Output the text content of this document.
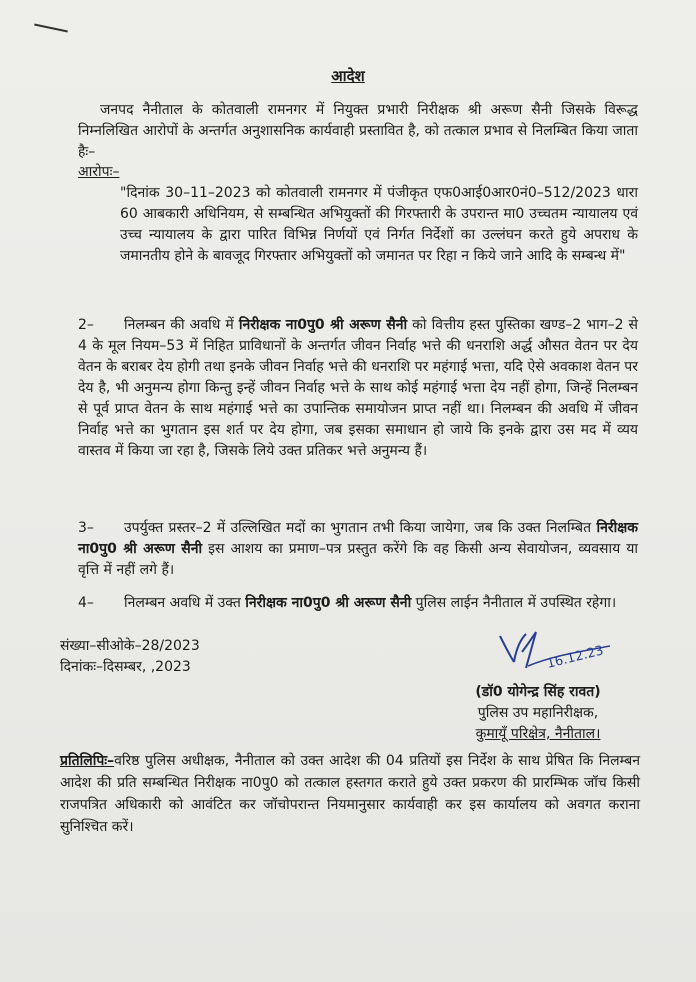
आदेश

जनपद नैनीताल के कोतवाली रामनगर में नियुक्त प्रभारी निरीक्षक श्री अरूण सैनी जिसके विरूद्ध निम्नलिखित आरोपों के अन्तर्गत अनुशासनिक कार्यवाही प्रस्तावित है, को तत्काल प्रभाव से निलम्बित किया जाता हैः–

आरोपः–

"दिनांक 30–11–2023 को कोतवाली रामनगर में पंजीकृत एफ0आई0आर0नं0–512/2023 धारा 60 आबकारी अधिनियम, से सम्बन्धित अभियुक्तों की गिरफ्तारी के उपरान्त मा0 उच्चतम न्यायालय एवं उच्च न्यायालय के द्वारा पारित विभिन्न निर्णयों एवं निर्गत निर्देशों का उल्लंघन करते हुये अपराध के जमानतीय होने के बावजूद गिरफ्तार अभियुक्तों को जमानत पर रिहा न किये जाने आदि के सम्बन्ध में"

2– निलम्बन की अवधि में निरीक्षक ना0पु0 श्री अरूण सैनी को वित्तीय हस्त पुस्तिका खण्ड–2 भाग–2 से 4 के मूल नियम–53 में निहित प्राविधानों के अन्तर्गत जीवन निर्वाह भत्ते की धनराशि अर्द्ध औसत वेतन पर देय वेतन के बराबर देय होगी तथा इनके जीवन निर्वाह भत्ते की धनराशि पर महंगाई भत्ता, यदि ऐसे अवकाश वेतन पर देय है, भी अनुमन्य होगा किन्तु इन्हें जीवन निर्वाह भत्ते के साथ कोई महंगाई भत्ता देय नहीं होगा, जिन्हें निलम्बन से पूर्व प्राप्त वेतन के साथ महंगाई भत्ते का उपान्तिक समायोजन प्राप्त नहीं था। निलम्बन की अवधि में जीवन निर्वाह भत्ते का भुगतान इस शर्त पर देय होगा, जब इसका समाधान हो जाये कि इनके द्वारा उस मद में व्यय वास्तव में किया जा रहा है, जिसके लिये उक्त प्रतिकर भत्ते अनुमन्य हैं।

3– उपर्युक्त प्रस्तर–2 में उल्लिखित मदों का भुगतान तभी किया जायेगा, जब कि उक्त निलम्बित निरीक्षक ना0पु0 श्री अरूण सैनी इस आशय का प्रमाण–पत्र प्रस्तुत करेंगे कि वह किसी अन्य सेवायोजन, व्यवसाय या वृत्ति में नहीं लगे हैं।

4– निलम्बन अवधि में उक्त निरीक्षक ना0पु0 श्री अरूण सैनी पुलिस लाईन नैनीताल में उपस्थित रहेगा।

संख्या–सीओके–28/2023

दिनांकः–दिसम्बर, ,2023	16.12.23
(डॉ0 योगेन्द्र सिंह रावत)
पुलिस उप महानिरीक्षक,
कुमायूँ परिक्षेत्र, नैनीताल।

प्रतिलिपिः–वरिष्ठ पुलिस अधीक्षक, नैनीताल को उक्त आदेश की 04 प्रतियों इस निर्देश के साथ प्रेषित कि निलम्बन आदेश की प्रति सम्बन्धित निरीक्षक ना0पु0 को तत्काल हस्तगत कराते हुये उक्त प्रकरण की प्रारम्भिक जॉच किसी राजपत्रित अधिकारी को आवंटित कर जॉचोपरान्त नियमानुसार कार्यवाही कर इस कार्यालय को अवगत कराना सुनिश्चित करें।
